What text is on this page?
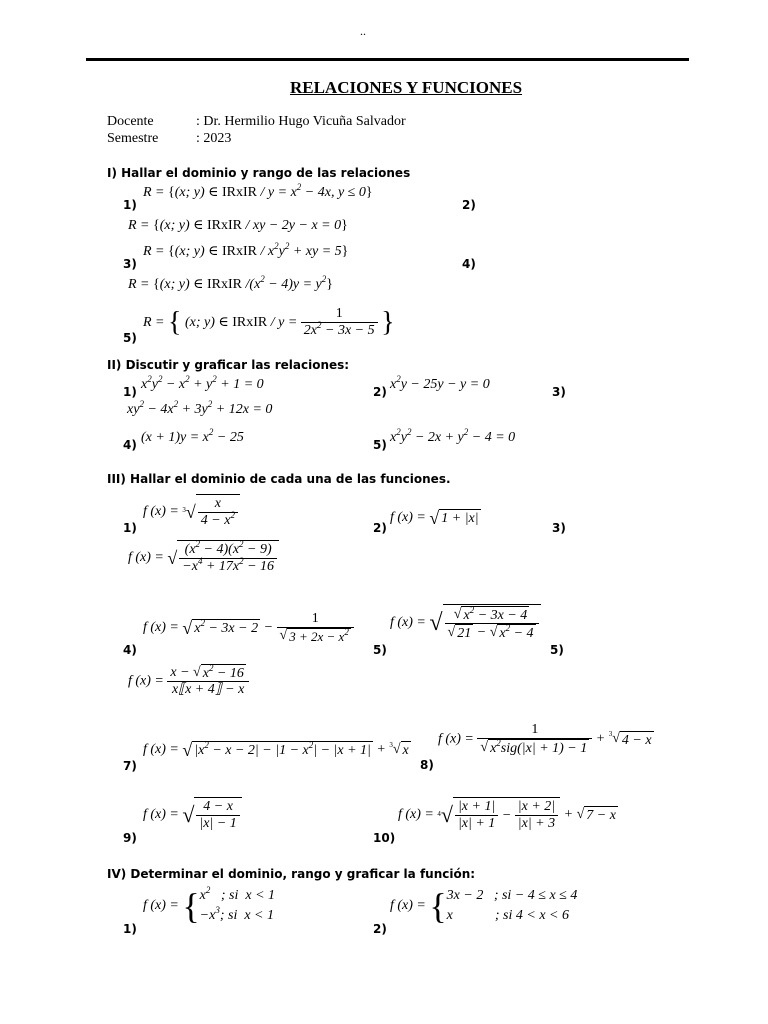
..
RELACIONES Y FUNCIONES
Docente	: Dr. Hermilio Hugo Vicuña Salvador
Semestre	: 2023
I) Hallar el dominio y rango de las relaciones
1)
R = {(x; y) ∈ IRxIR / $y = x^2 - 4x$, y ≤ 0}
2)
R = {(x; y) ∈ IRxIR / xy − 2y − x = 0}
3)
R = {(x; y) ∈ IRxIR / $x^2y^2$ + xy = 5}
4)
R = {(x; y) ∈ IRxIR $/(x^2 - 4)y = y^2$}
5)
R = { (x; y) ∈ IRxIR / $y = \frac{1}{2x^2 - 3x - 5}$ }
II) Discutir y graficar las relaciones:
1) $x^2y^2 - x^2 + y^2 + 1 = 0$	2) $x^2y - 25y - y = 0$	3)
$xy^2 - 4x^2 + 3y^2 + 12x = 0$
4) $(x + 1)y = x^2 - 25$	5) $x^2y^2 - 2x + y^2 - 4 = 0$
III) Hallar el dominio de cada una de las funciones.
1)
f $(x) = ^3√ \frac{x}{4 - x^2}$	2)
f (x) = √ 1 + |x|
3)
f (x) = √ $\frac{(x^2 - 4)(x^2 - 9)}{-x^4 + 17x^2 - 16}$
4)
f (x) = √ $x^2 - 3x - 2 - \frac{1}{√ 3 + 2x - x^2}$
5)
f (x) = √ $\frac{√ x^2 - 3x - 4}{√ 21 - √ x^2 - 4}$
5)
f $(x) = \frac{x - √ x^2 - 16}{x⟦x + 4⟧ - x}$
7)
f (x) = √ $|x^2 - x - 2| - |1 - x^2| - |x + 1| + ^3√$ x
8)
f $(x) = \frac{1}{√ x^2sig(|x| + 1) - 1} + ^3√$ 4 − x
9)
f (x) = √ $\frac{4 - x}{|x| - 1}$
10)
f $(x) = ^4√ \frac{|x + 1|}{|x| + 1} - \frac{|x + 2|}{|x| + 3}$ + √ 7 − x
IV) Determinar el dominio, rango y graficar la función:
1)
f (x) = { $x^2$   ; si  x < 1
$-x^3$; si  x < 1
2)
f (x) = { 3x − 2   ; si − 4 ≤ x ≤ 4
x            ; si 4 < x < 6
